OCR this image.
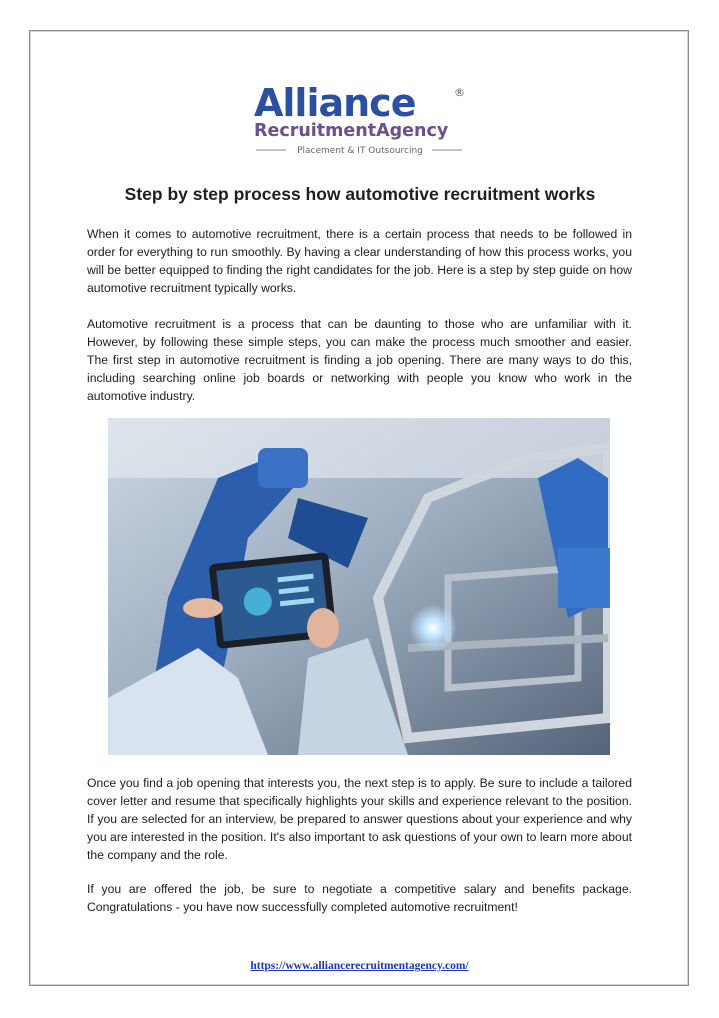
Alliance	®
RecruitmentAgency
Placement & IT Outsourcing
Step by step process how automotive recruitment works

When it comes to automotive recruitment, there is a certain process that needs to be followed in order for everything to run smoothly. By having a clear understanding of how this process works, you will be better equipped to finding the right candidates for the job. Here is a step by step guide on how automotive recruitment typically works.

Automotive recruitment is a process that can be daunting to those who are unfamiliar with it. However, by following these simple steps, you can make the process much smoother and easier. The first step in automotive recruitment is finding a job opening. There are many ways to do this, including searching online job boards or networking with people you know who work in the automotive industry.

Once you find a job opening that interests you, the next step is to apply. Be sure to include a tailored cover letter and resume that specifically highlights your skills and experience relevant to the position. If you are selected for an interview, be prepared to answer questions about your experience and why you are interested in the position. It's also important to ask questions of your own to learn more about the company and the role.

If you are offered the job, be sure to negotiate a competitive salary and benefits package. Congratulations - you have now successfully completed automotive recruitment!

https://www.alliancerecruitmentagency.com/
